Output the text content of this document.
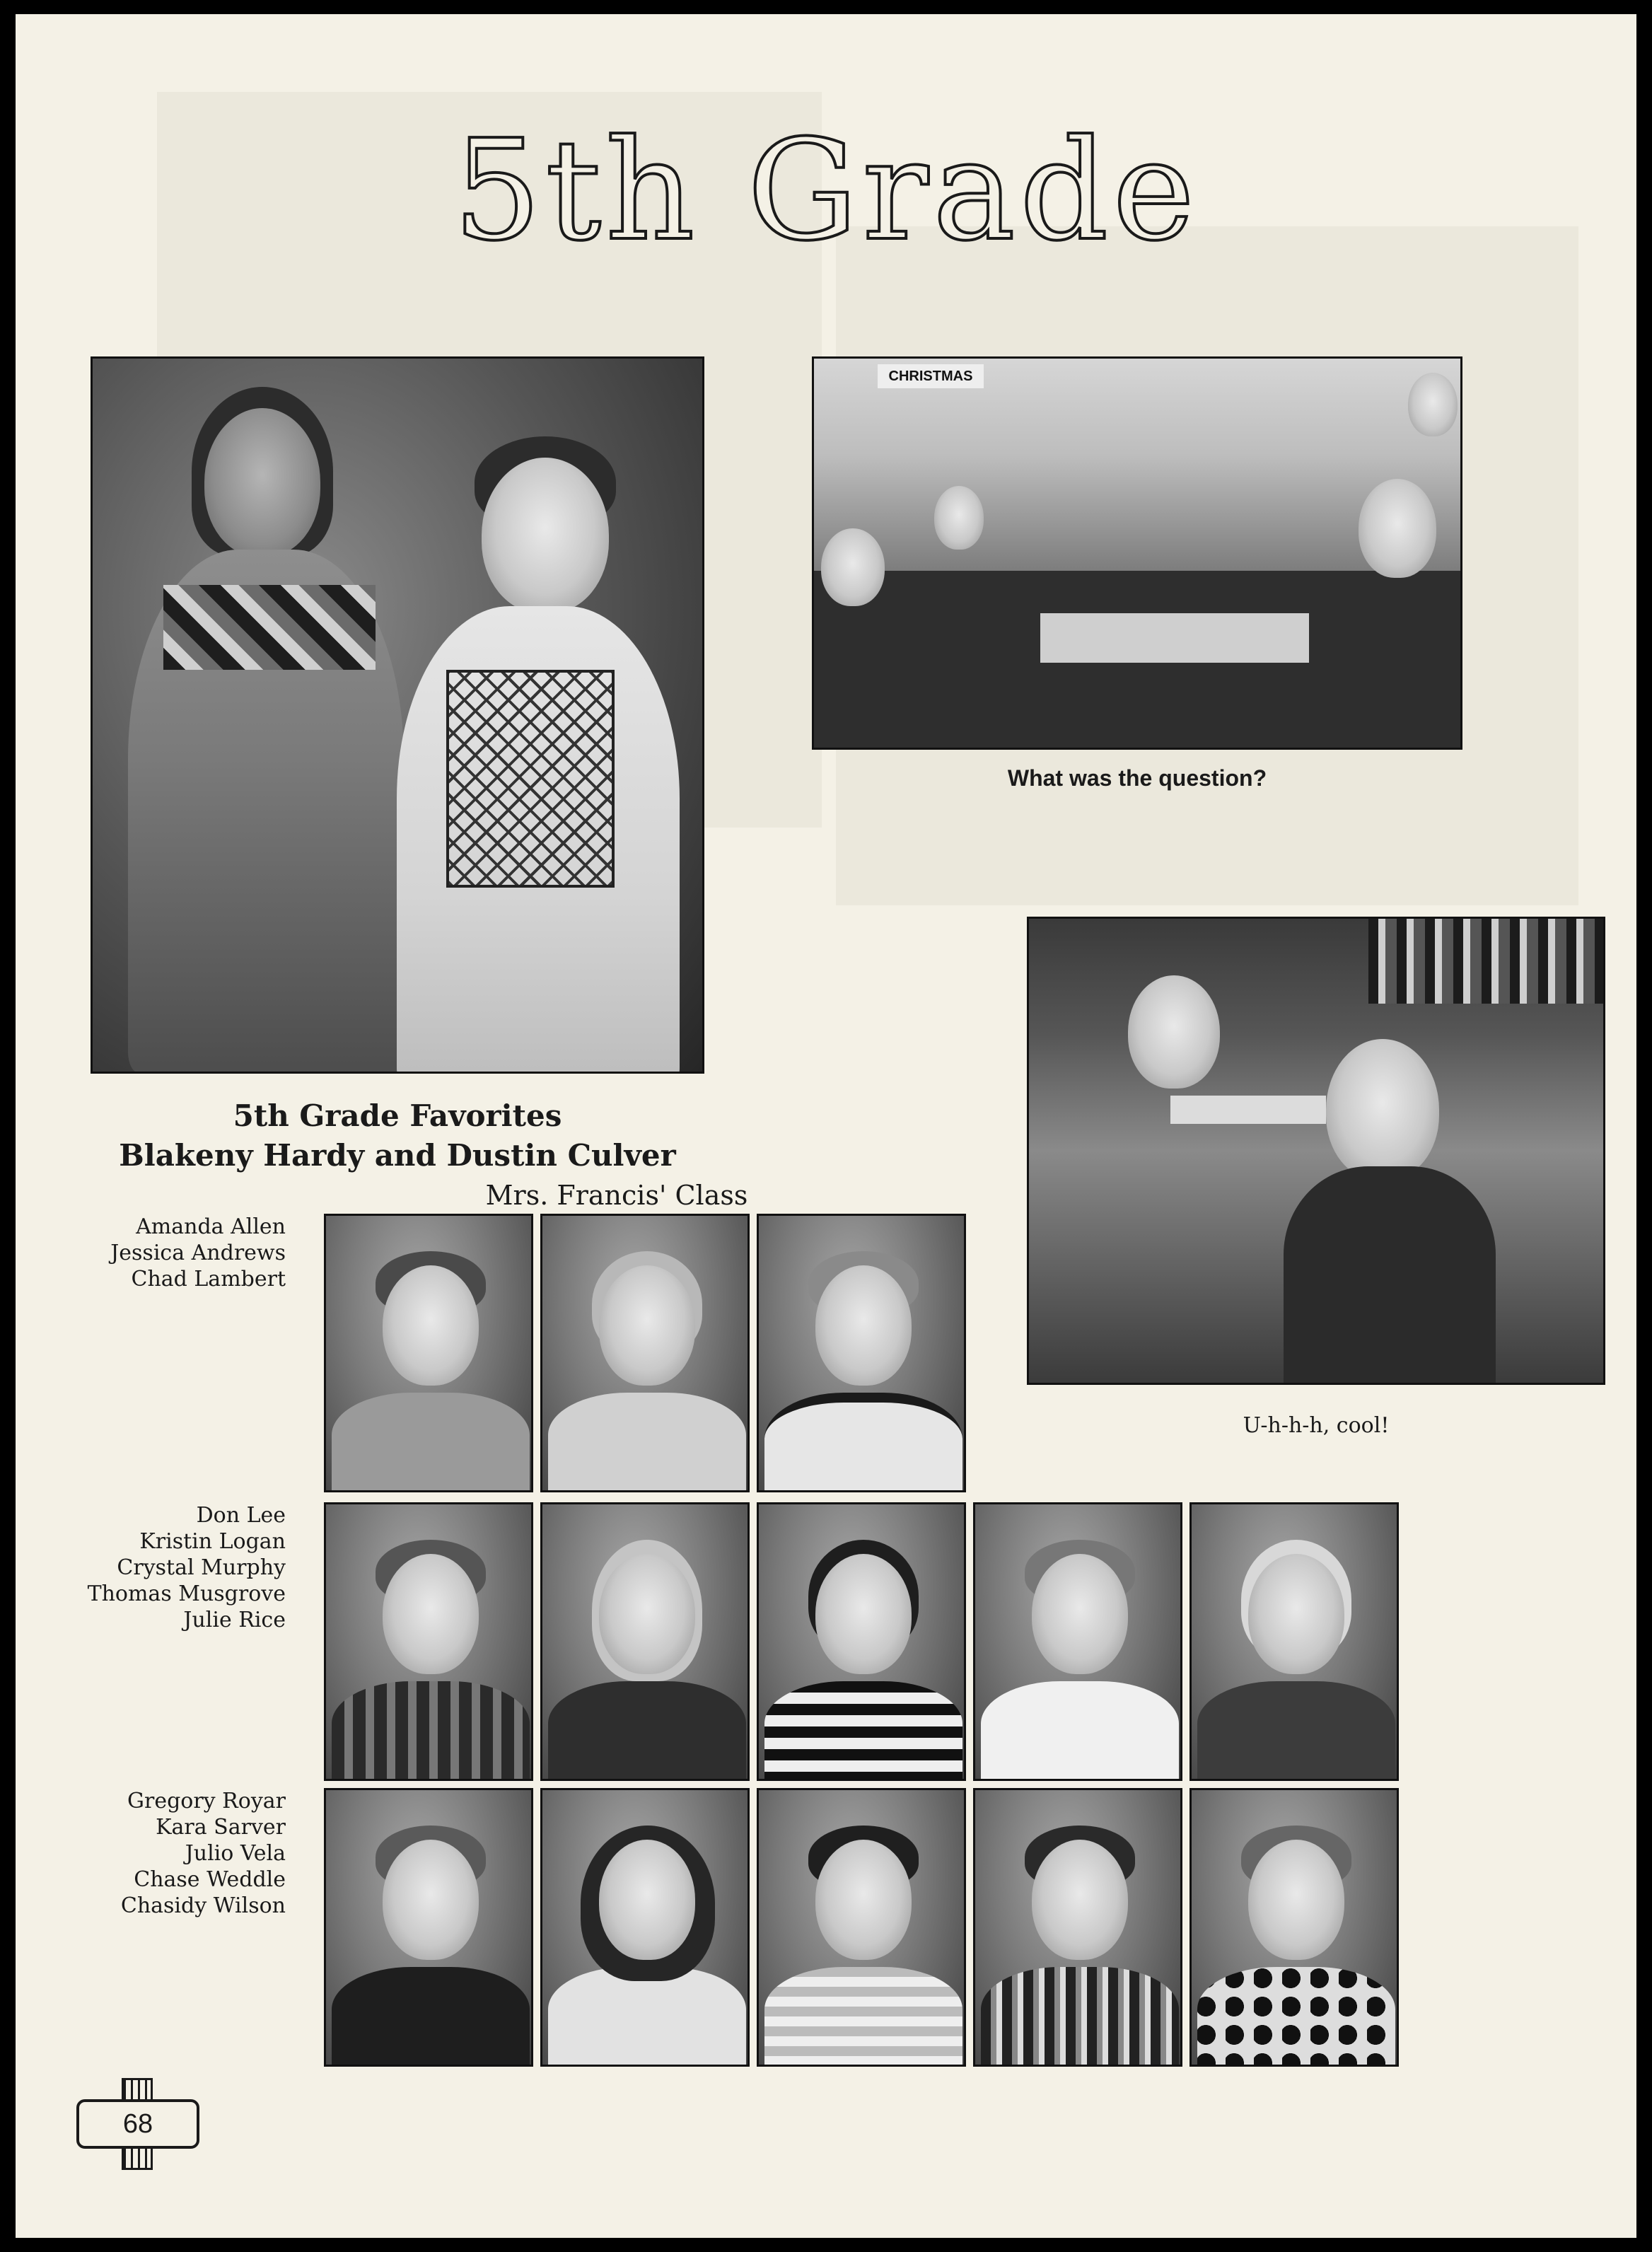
5th Grade
5th Grade Favorites
Blakeny Hardy and Dustin Culver
CHRISTMAS
What was the question?
U-h-h-h, cool!
Mrs. Francis' Class
Amanda Allen
Jessica Andrews
Chad Lambert
Don Lee
Kristin Logan
Crystal Murphy
Thomas Musgrove
Julie Rice
Gregory Royar
Kara Sarver
Julio Vela
Chase Weddle
Chasidy Wilson
68
